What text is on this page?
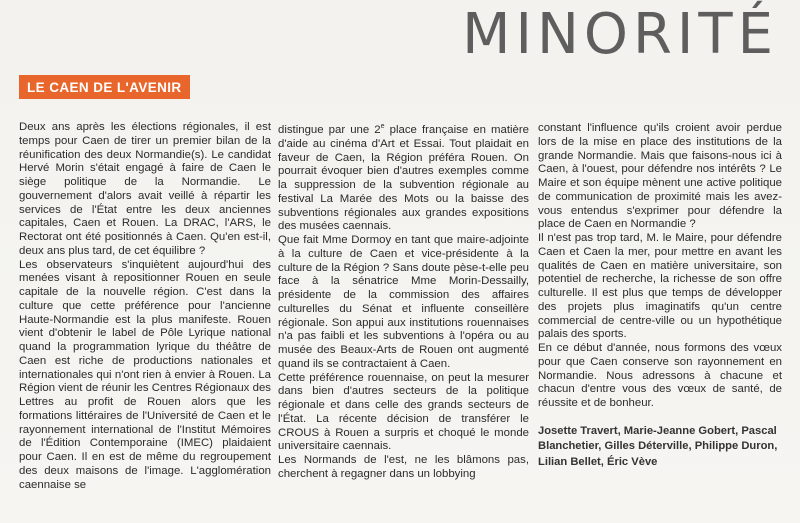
MINORITÉ
LE CAEN DE L'AVENIR

Deux ans après les élections régionales, il est temps pour Caen de tirer un premier bilan de la réunification des deux Normandie(s). Le candidat Hervé Morin s'était engagé à faire de Caen le siège politique de la Normandie. Le gouvernement d'alors avait veillé à répartir les services de l'État entre les deux anciennes capitales, Caen et Rouen. La DRAC, l'ARS, le Rectorat ont été positionnés à Caen. Qu'en est-il, deux ans plus tard, de cet équilibre ?

Les observateurs s'inquiètent aujourd'hui des menées visant à repositionner Rouen en seule capitale de la nouvelle région. C'est dans la culture que cette préférence pour l'ancienne Haute-Normandie est la plus manifeste. Rouen vient d'obtenir le label de Pôle Lyrique national quand la programmation lyrique du théâtre de Caen est riche de productions nationales et internationales qui n'ont rien à envier à Rouen. La Région vient de réunir les Centres Régionaux des Lettres au profit de Rouen alors que les formations littéraires de l'Université de Caen et le rayonnement international de l'Institut Mémoires de l'Édition Contemporaine (IMEC) plaidaient pour Caen. Il en est de même du regroupement des deux maisons de l'image. L'agglomération caennaise se

distingue par une 2e place française en matière d'aide au cinéma d'Art et Essai. Tout plaidait en faveur de Caen, la Région préféra Rouen. On pourrait évoquer bien d'autres exemples comme la suppression de la subvention régionale au festival La Marée des Mots ou la baisse des subventions régionales aux grandes expositions des musées caennais.

Que fait Mme Dormoy en tant que maire-adjointe à la culture de Caen et vice-présidente à la culture de la Région ? Sans doute pèse-t-elle peu face à la sénatrice Mme Morin-Dessailly, présidente de la commission des affaires culturelles du Sénat et influente conseillère régionale. Son appui aux institutions rouennaises n'a pas faibli et les subventions à l'opéra ou au musée des Beaux-Arts de Rouen ont augmenté quand ils se contractaient à Caen.

Cette préférence rouennaise, on peut la mesurer dans bien d'autres secteurs de la politique régionale et dans celle des grands secteurs de l'État. La récente décision de transférer le CROUS à Rouen a surpris et choqué le monde universitaire caennais.

Les Normands de l'est, ne les blâmons pas, cherchent à regagner dans un lobbying

constant l'influence qu'ils croient avoir perdue lors de la mise en place des institutions de la grande Normandie. Mais que faisons-nous ici à Caen, à l'ouest, pour défendre nos intérêts ? Le Maire et son équipe mènent une active politique de communication de proximité mais les avez-vous entendus s'exprimer pour défendre la place de Caen en Normandie ?

Il n'est pas trop tard, M. le Maire, pour défendre Caen et Caen la mer, pour mettre en avant les qualités de Caen en matière universitaire, son potentiel de recherche, la richesse de son offre culturelle. Il est plus que temps de développer des projets plus imaginatifs qu'un centre commercial de centre-ville ou un hypothétique palais des sports.

En ce début d'année, nous formons des vœux pour que Caen conserve son rayonnement en Normandie. Nous adressons à chacune et chacun d'entre vous des vœux de santé, de réussite et de bonheur.

Josette Travert, Marie-Jeanne Gobert, Pascal Blanchetier, Gilles Déterville, Philippe Duron, Lilian Bellet, Éric Vève
